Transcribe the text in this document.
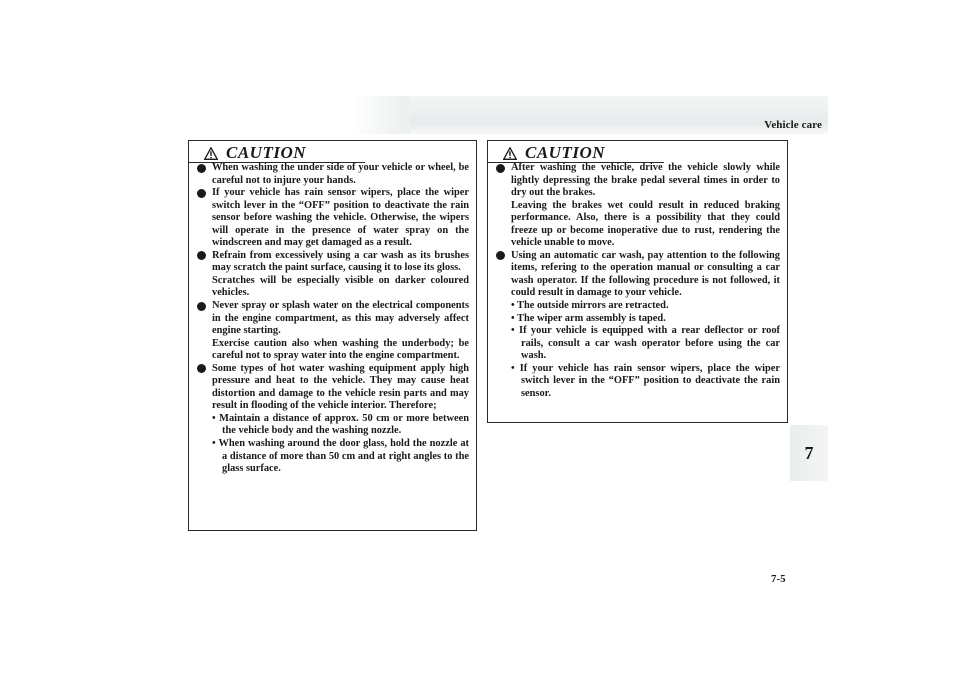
Vehicle care
7
7-5
CAUTION
When washing the under side of your vehicle or wheel, be careful not to injure your hands.
If your vehicle has rain sensor wipers, place the wiper switch lever in the “OFF” position to deactivate the rain sensor before washing the vehicle. Otherwise, the wipers will operate in the presence of water spray on the windscreen and may get damaged as a result.
Refrain from excessively using a car wash as its brushes may scratch the paint surface, causing it to lose its gloss.
Scratches will be especially visible on darker coloured vehicles.
Never spray or splash water on the electrical components in the engine compartment, as this may adversely affect engine starting.
Exercise caution also when washing the underbody; be careful not to spray water into the engine compartment.
Some types of hot water washing equipment apply high pressure and heat to the vehicle. They may cause heat distortion and damage to the vehicle resin parts and may result in flooding of the vehicle interior. Therefore;
• Maintain a distance of approx. 50 cm or more between the vehicle body and the washing nozzle.
• When washing around the door glass, hold the nozzle at a distance of more than 50 cm and at right angles to the glass surface.
CAUTION
After washing the vehicle, drive the vehicle slowly while lightly depressing the brake pedal several times in order to dry out the brakes.
Leaving the brakes wet could result in reduced braking performance. Also, there is a possibility that they could freeze up or become inoperative due to rust, rendering the vehicle unable to move.
Using an automatic car wash, pay attention to the following items, refering to the operation manual or consulting a car wash operator. If the following procedure is not followed, it could result in damage to your vehicle.
• The outside mirrors are retracted.
• The wiper arm assembly is taped.
• If your vehicle is equipped with a rear deflector or roof rails, consult a car wash operator before using the car wash.
• If your vehicle has rain sensor wipers, place the wiper switch lever in the “OFF” position to deactivate the rain sensor.
